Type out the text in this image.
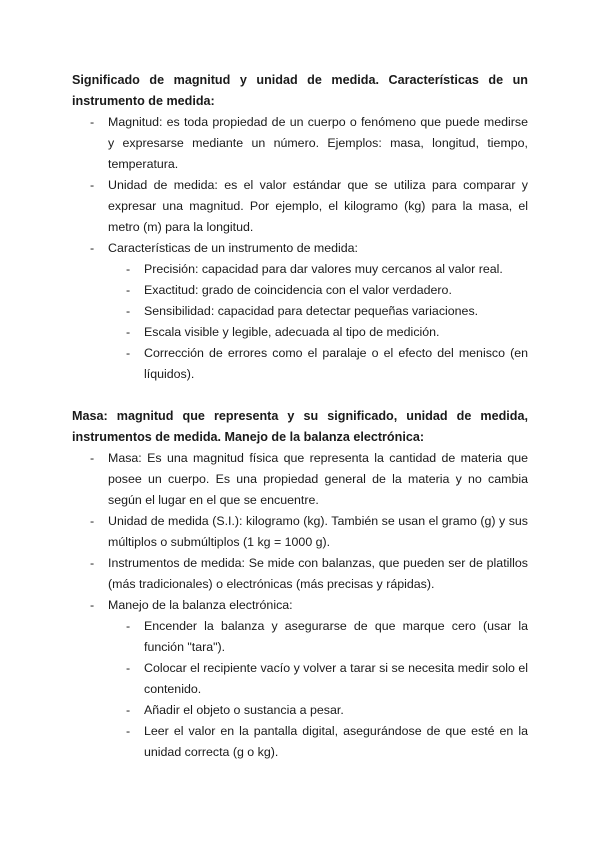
Significado de magnitud y unidad de medida. Características de un instrumento de medida:

- Magnitud: es toda propiedad de un cuerpo o fenómeno que puede medirse y expresarse mediante un número. Ejemplos: masa, longitud, tiempo, temperatura.
- Unidad de medida: es el valor estándar que se utiliza para comparar y expresar una magnitud. Por ejemplo, el kilogramo (kg) para la masa, el metro (m) para la longitud.
- Características de un instrumento de medida:
- Precisión: capacidad para dar valores muy cercanos al valor real.
- Exactitud: grado de coincidencia con el valor verdadero.
- Sensibilidad: capacidad para detectar pequeñas variaciones.
- Escala visible y legible, adecuada al tipo de medición.
- Corrección de errores como el paralaje o el efecto del menisco (en líquidos).

Masa: magnitud que representa y su significado, unidad de medida, instrumentos de medida. Manejo de la balanza electrónica:

- Masa: Es una magnitud física que representa la cantidad de materia que posee un cuerpo. Es una propiedad general de la materia y no cambia según el lugar en el que se encuentre.
- Unidad de medida (S.I.): kilogramo (kg). También se usan el gramo (g) y sus múltiplos o submúltiplos (1 kg = 1000 g).
- Instrumentos de medida: Se mide con balanzas, que pueden ser de platillos (más tradicionales) o electrónicas (más precisas y rápidas).
- Manejo de la balanza electrónica:
- Encender la balanza y asegurarse de que marque cero (usar la función "tara").
- Colocar el recipiente vacío y volver a tarar si se necesita medir solo el contenido.
- Añadir el objeto o sustancia a pesar.
- Leer el valor en la pantalla digital, asegurándose de que esté en la unidad correcta (g o kg).
